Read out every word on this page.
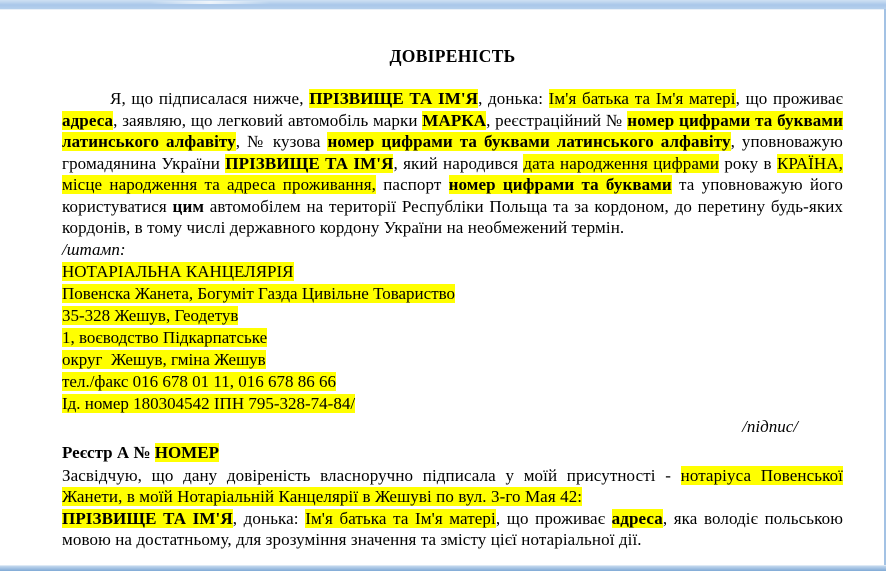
ДОВІРЕНІСТЬ

Я, що підписалася нижче, ПРІЗВИЩЕ ТА ІМ'Я, донька: Ім'я батька та Ім'я матері, що проживає адреса, заявляю, що легковий автомобіль марки МАРКА, реєстраційний № номер цифрами та буквами латинського алфавіту, № кузова номер цифрами та буквами латинського алфавіту, уповноважую громадянина України ПРІЗВИЩЕ ТА ІМ'Я, який народився дата народження цифрами року в КРАЇНА, місце народження та адреса проживання, паспорт номер цифрами та буквами та уповноважую його користуватися цим автомобілем на території Республіки Польща та за кордоном, до перетину будь-яких кордонів, в тому числі державного кордону України на необмежений термін.

/штамп:
НОТАРІАЛЬНА КАНЦЕЛЯРІЯ
Повенска Жанета, Богуміт Газда Цивільне Товариство
35-328 Жешув, Геодетув
1, воєводство Підкарпатське
округ  Жешув, гміна Жешув
тел./факс 016 678 01 11, 016 678 86 66
Ід. номер 180304542 ІПН 795-328-74-84/
/підпис/
Реєстр А № НОМЕР

Засвідчую, що дану довіреність власноручно підписала у моїй присутності - нотаріуса Повенської Жанети, в моїй Нотаріальній Канцелярії в Жешуві по вул. 3-го Мая 42:
ПРІЗВИЩЕ ТА ІМ'Я, донька: Ім'я батька та Ім'я матері, що проживає адреса, яка володіє польською мовою на достатньому, для зрозуміння значення та змісту цієї нотаріальної дії.
